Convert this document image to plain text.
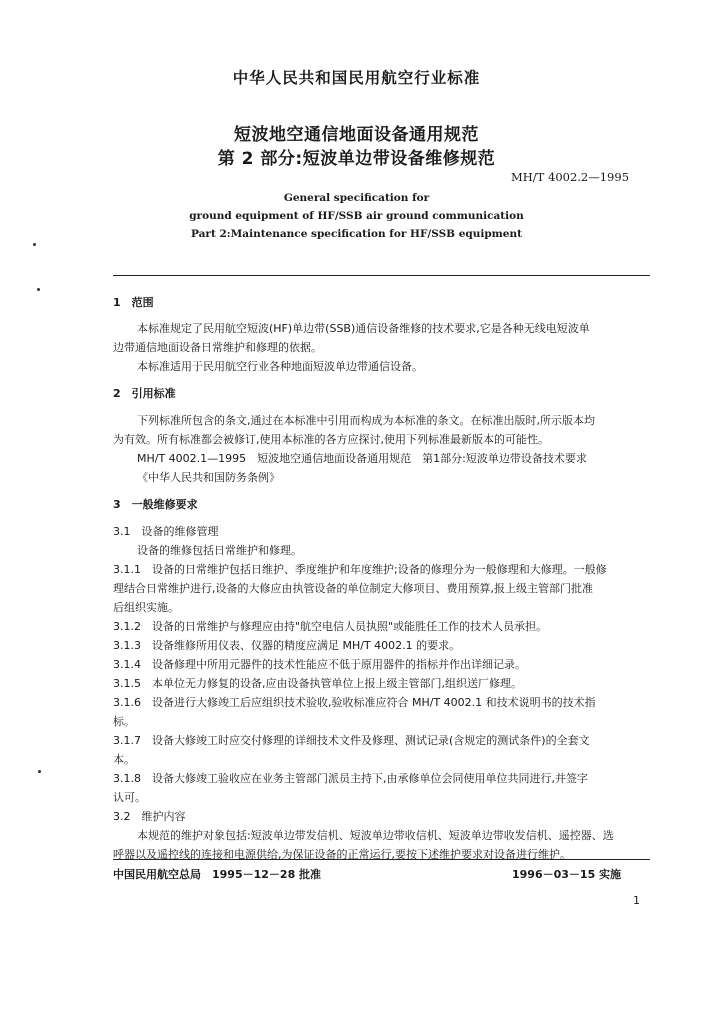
中华人民共和国民用航空行业标准
短波地空通信地面设备通用规范
第 2 部分:短波单边带设备维修规范
MH/T 4002.2—1995
General specification for
ground equipment of HF/SSB air ground communication
Part 2:Maintenance specification for HF/SSB equipment
1　范围
本标准规定了民用航空短波(HF)单边带(SSB)通信设备维修的技术要求,它是各种无线电短波单
边带通信地面设备日常维护和修理的依据。
本标准适用于民用航空行业各种地面短波单边带通信设备。
2　引用标准
下列标准所包含的条文,通过在本标准中引用而构成为本标准的条文。在标准出版时,所示版本均
为有效。所有标准都会被修订,使用本标准的各方应探讨,使用下列标准最新版本的可能性。
MH/T 4002.1—1995　短波地空通信地面设备通用规范　第1部分:短波单边带设备技术要求
《中华人民共和国防务条例》
3　一般维修要求
3.1　设备的维修管理
设备的维修包括日常维护和修理。
3.1.1　设备的日常维护包括日维护、季度维护和年度维护;设备的修理分为一般修理和大修理。一般修
理结合日常维护进行,设备的大修应由执管设备的单位制定大修项目、费用预算,报上级主管部门批准
后组织实施。
3.1.2　设备的日常维护与修理应由持"航空电信人员执照"或能胜任工作的技术人员承担。
3.1.3　设备维修所用仪表、仪器的精度应满足 MH/T 4002.1 的要求。
3.1.4　设备修理中所用元器件的技术性能应不低于原用器件的指标并作出详细记录。
3.1.5　本单位无力修复的设备,应由设备执管单位上报上级主管部门,组织送厂修理。
3.1.6　设备进行大修竣工后应组织技术验收,验收标准应符合 MH/T 4002.1 和技术说明书的技术指
标。
3.1.7　设备大修竣工时应交付修理的详细技术文件及修理、测试记录(含规定的测试条件)的全套文
本。
3.1.8　设备大修竣工验收应在业务主管部门派员主持下,由承修单位会同使用单位共同进行,并签字
认可。
3.2　维护内容
本规范的维护对象包括:短波单边带发信机、短波单边带收信机、短波单边带收发信机、遥控器、选
呼器以及遥控线的连接和电源供给,为保证设备的正常运行,要按下述维护要求对设备进行维护。
中国民用航空总局　1995－12－28 批准	1996－03－15 实施
1
